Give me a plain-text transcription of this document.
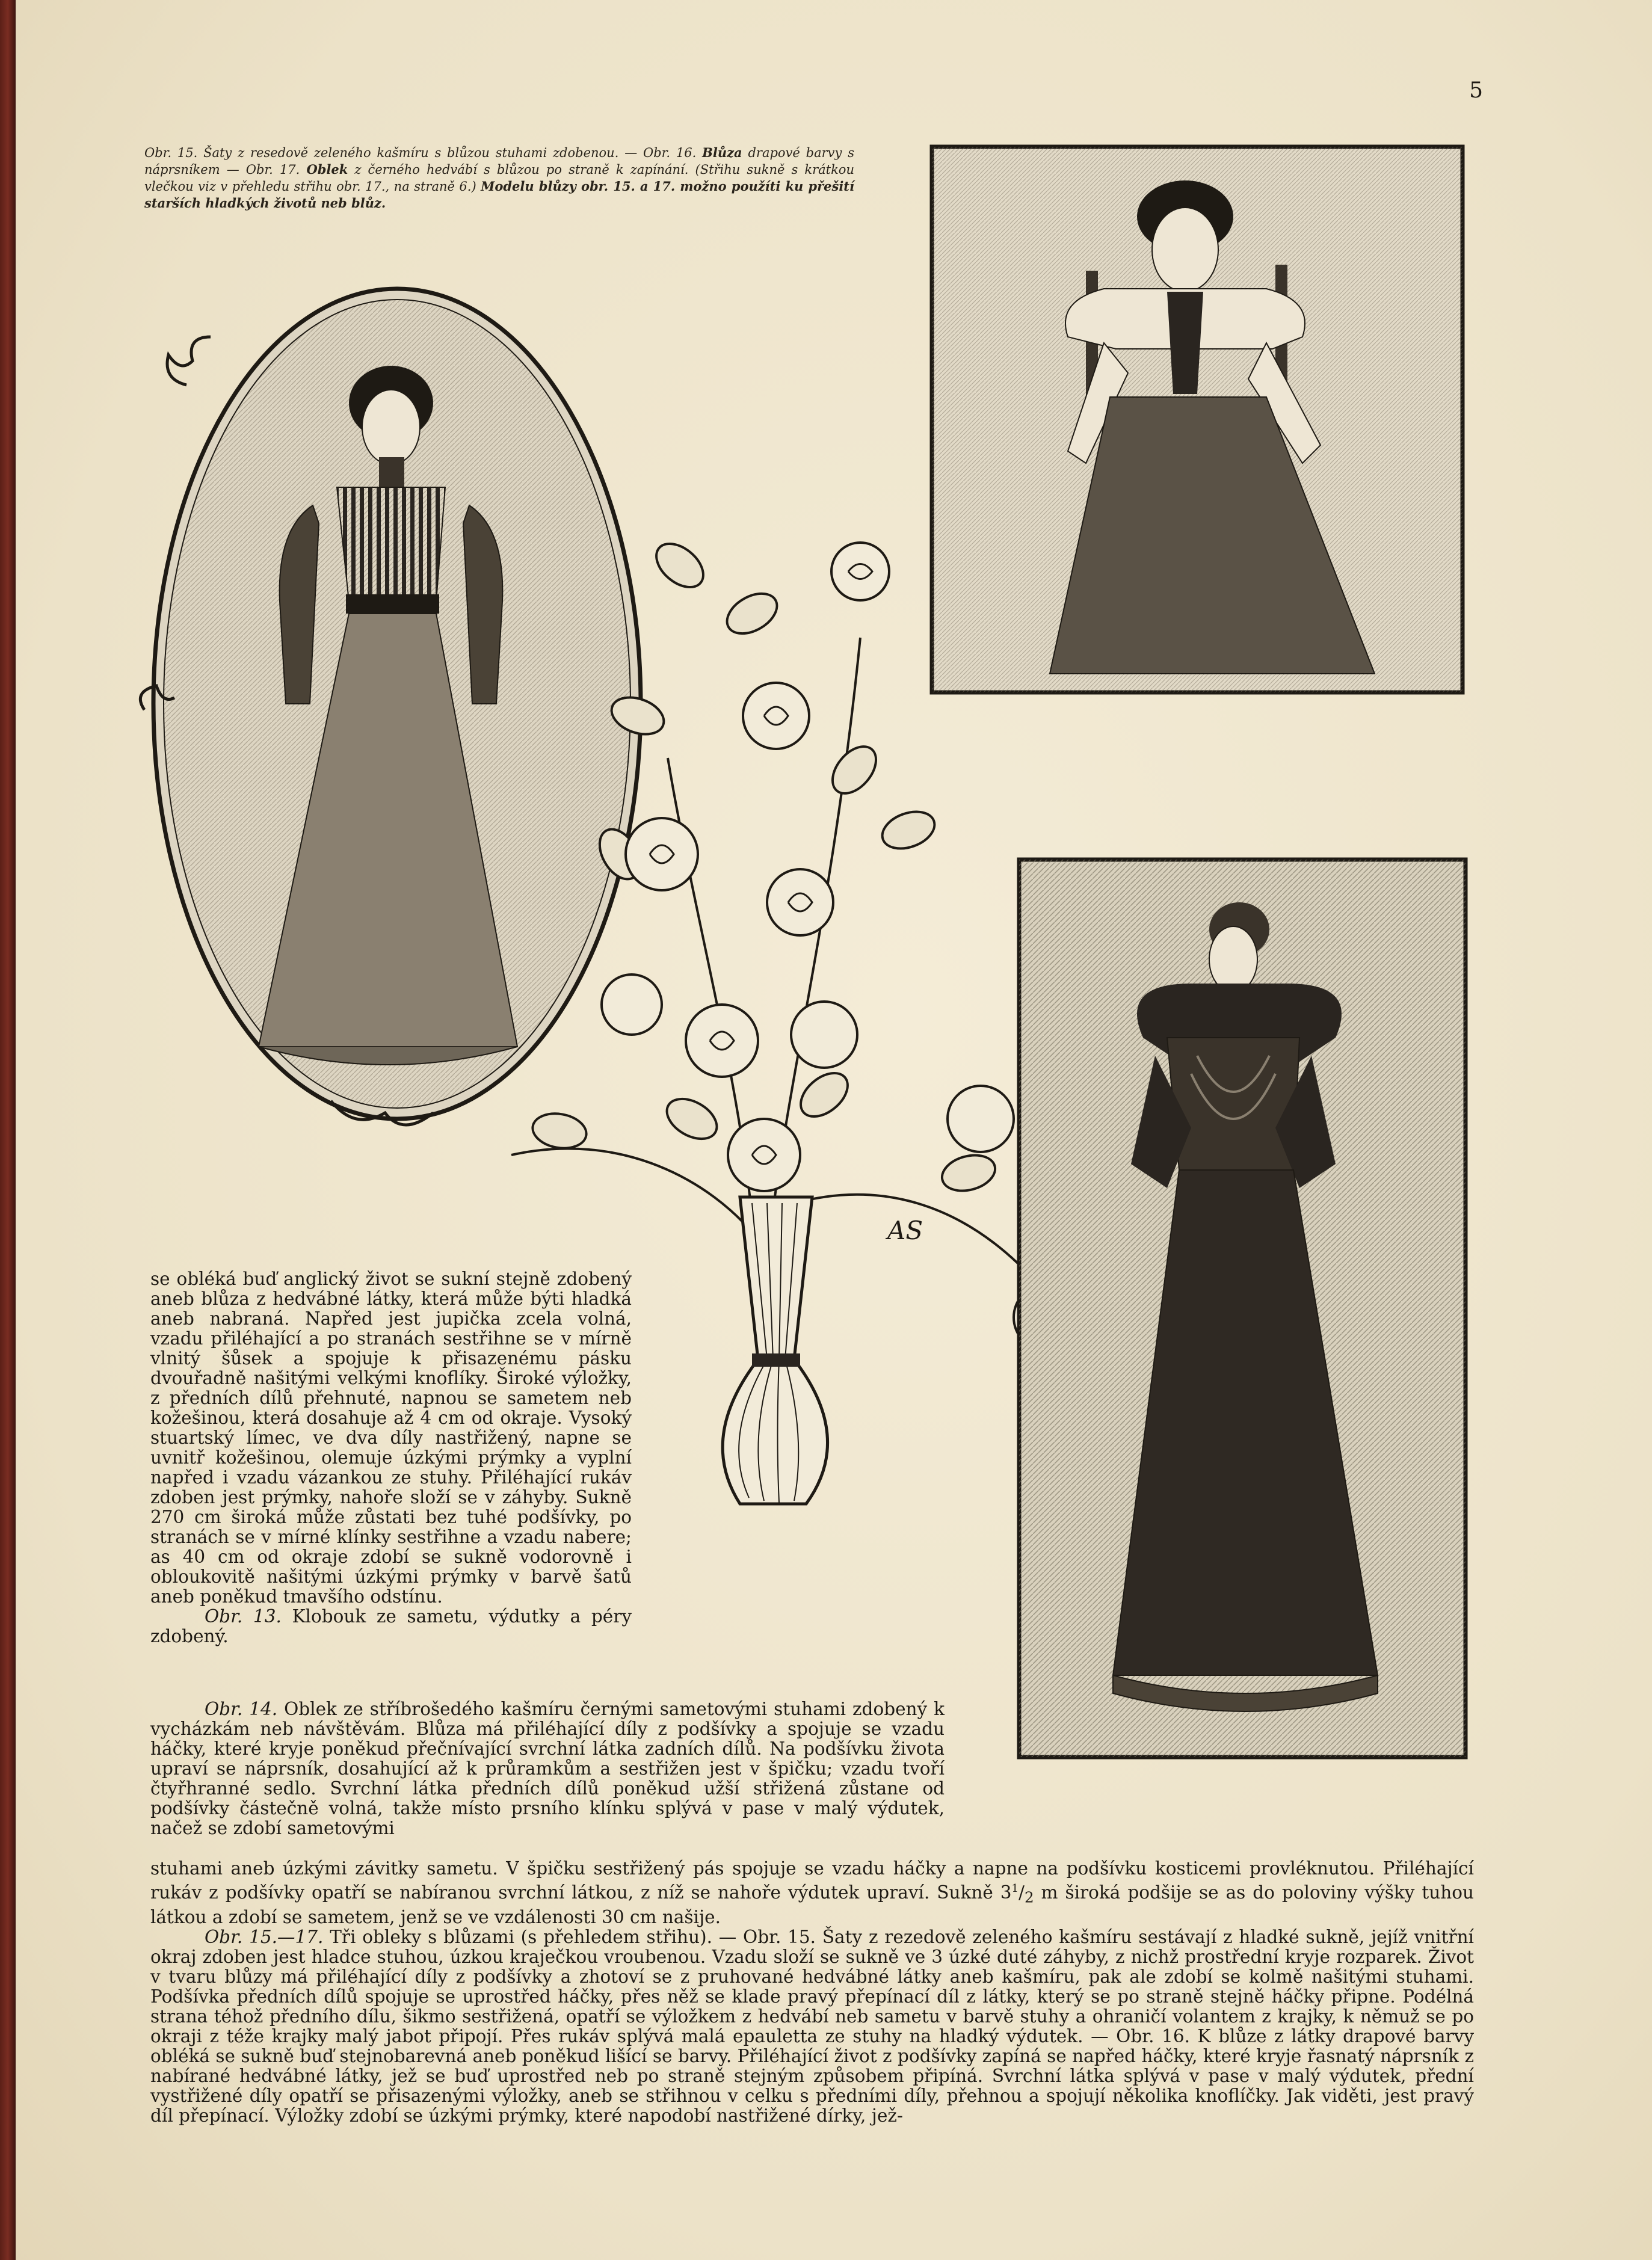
5

Obr. 15. Šaty z resedově zeleného kašmíru s blůzou stuhami zdobenou. — Obr. 16. Blůza drapové barvy s náprsníkem — Obr. 17. Oblek z černého hedvábí s blůzou po straně k zapínání. (Střihu sukně s krátkou vlečkou viz v přehledu střihu obr. 17., na straně 6.) Modelu blůzy obr. 15. a 17. možno použíti ku přešití starších hladkých životů neb blůz.

AS

se obléká buď anglický život se sukní stejně zdobený aneb blůza z hedvábné látky, která může býti hladká aneb nabraná. Napřed jest jupička zcela volná, vzadu přiléhající a po stranách sestřihne se v mírně vlnitý šůsek a spojuje k přisazenému pásku dvouřadně našitými velkými knoflíky. Široké výložky, z předních dílů přehnuté, napnou se sametem neb kožešinou, která dosahuje až 4 cm od okraje. Vysoký stuartský límec, ve dva díly nastřižený, napne se uvnitř kožešinou, olemuje úzkými prýmky a vyplní napřed i vzadu vázankou ze stuhy. Přiléhající rukáv zdoben jest prýmky, nahoře složí se v záhyby. Sukně 270 cm široká může zůstati bez tuhé podšívky, po stranách se v mírné klínky sestřihne a vzadu nabere; as 40 cm od okraje zdobí se sukně vodorovně i obloukovitě našitými úzkými prýmky v barvě šatů aneb poněkud tmavšího odstínu.

Obr. 13. Klobouk ze sametu, výdutky a péry zdobený.

Obr. 14. Oblek ze stříbrošedého kašmíru černými sametovými stuhami zdobený k vycházkám neb návštěvám. Blůza má přiléhající díly z podšívky a spojuje se vzadu háčky, které kryje poněkud přečnívající svrchní látka zadních dílů. Na podšívku života upraví se náprsník, dosahující až k průramkům a sestřižen jest v špičku; vzadu tvoří čtyřhranné sedlo. Svrchní látka předních dílů poněkud užší střižená zůstane od podšívky částečně volná, takže místo prsního klínku splývá v pase v malý výdutek, načež se zdobí sametovými

stuhami aneb úzkými závitky sametu. V špičku sestřižený pás spojuje se vzadu háčky a napne na podšívku kosticemi provléknutou. Přiléhající rukáv z podšívky opatří se nabíranou svrchní látkou, z níž se nahoře výdutek upraví. Sukně $3^1/_2$ m široká podšije se as do poloviny výšky tuhou látkou a zdobí se sametem, jenž se ve vzdálenosti 30 cm našije.

Obr. 15.—17. Tři obleky s blůzami (s přehledem střihu). — Obr. 15. Šaty z rezedově zeleného kašmíru sestávají z hladké sukně, jejíž vnitřní okraj zdoben jest hladce stuhou, úzkou kraječkou vroubenou. Vzadu složí se sukně ve 3 úzké duté záhyby, z nichž prostřední kryje rozparek. Život v tvaru blůzy má přiléhající díly z podšívky a zhotoví se z pruhované hedvábné látky aneb kašmíru, pak ale zdobí se kolmě našitými stuhami. Podšívka předních dílů spojuje se uprostřed háčky, přes něž se klade pravý přepínací díl z látky, který se po straně stejně háčky připne. Podélná strana téhož předního dílu, šikmo sestřižená, opatří se výložkem z hedvábí neb sametu v barvě stuhy a ohraničí volantem z krajky, k němuž se po okraji z téže krajky malý jabot připojí. Přes rukáv splývá malá epauletta ze stuhy na hladký výdutek. — Obr. 16. K blůze z látky drapové barvy obléká se sukně buď stejnobarevná aneb poněkud lišící se barvy. Přiléhající život z podšívky zapíná se napřed háčky, které kryje řasnatý náprsník z nabírané hedvábné látky, jež se buď uprostřed neb po straně stejným způsobem připíná. Svrchní látka splývá v pase v malý výdutek, přední vystřižené díly opatří se přisazenými výložky, aneb se střihnou v celku s předními díly, přehnou a spojují několika knoflíčky. Jak viděti, jest pravý díl přepínací. Výložky zdobí se úzkými prýmky, které napodobí nastřižené dírky, jež-
